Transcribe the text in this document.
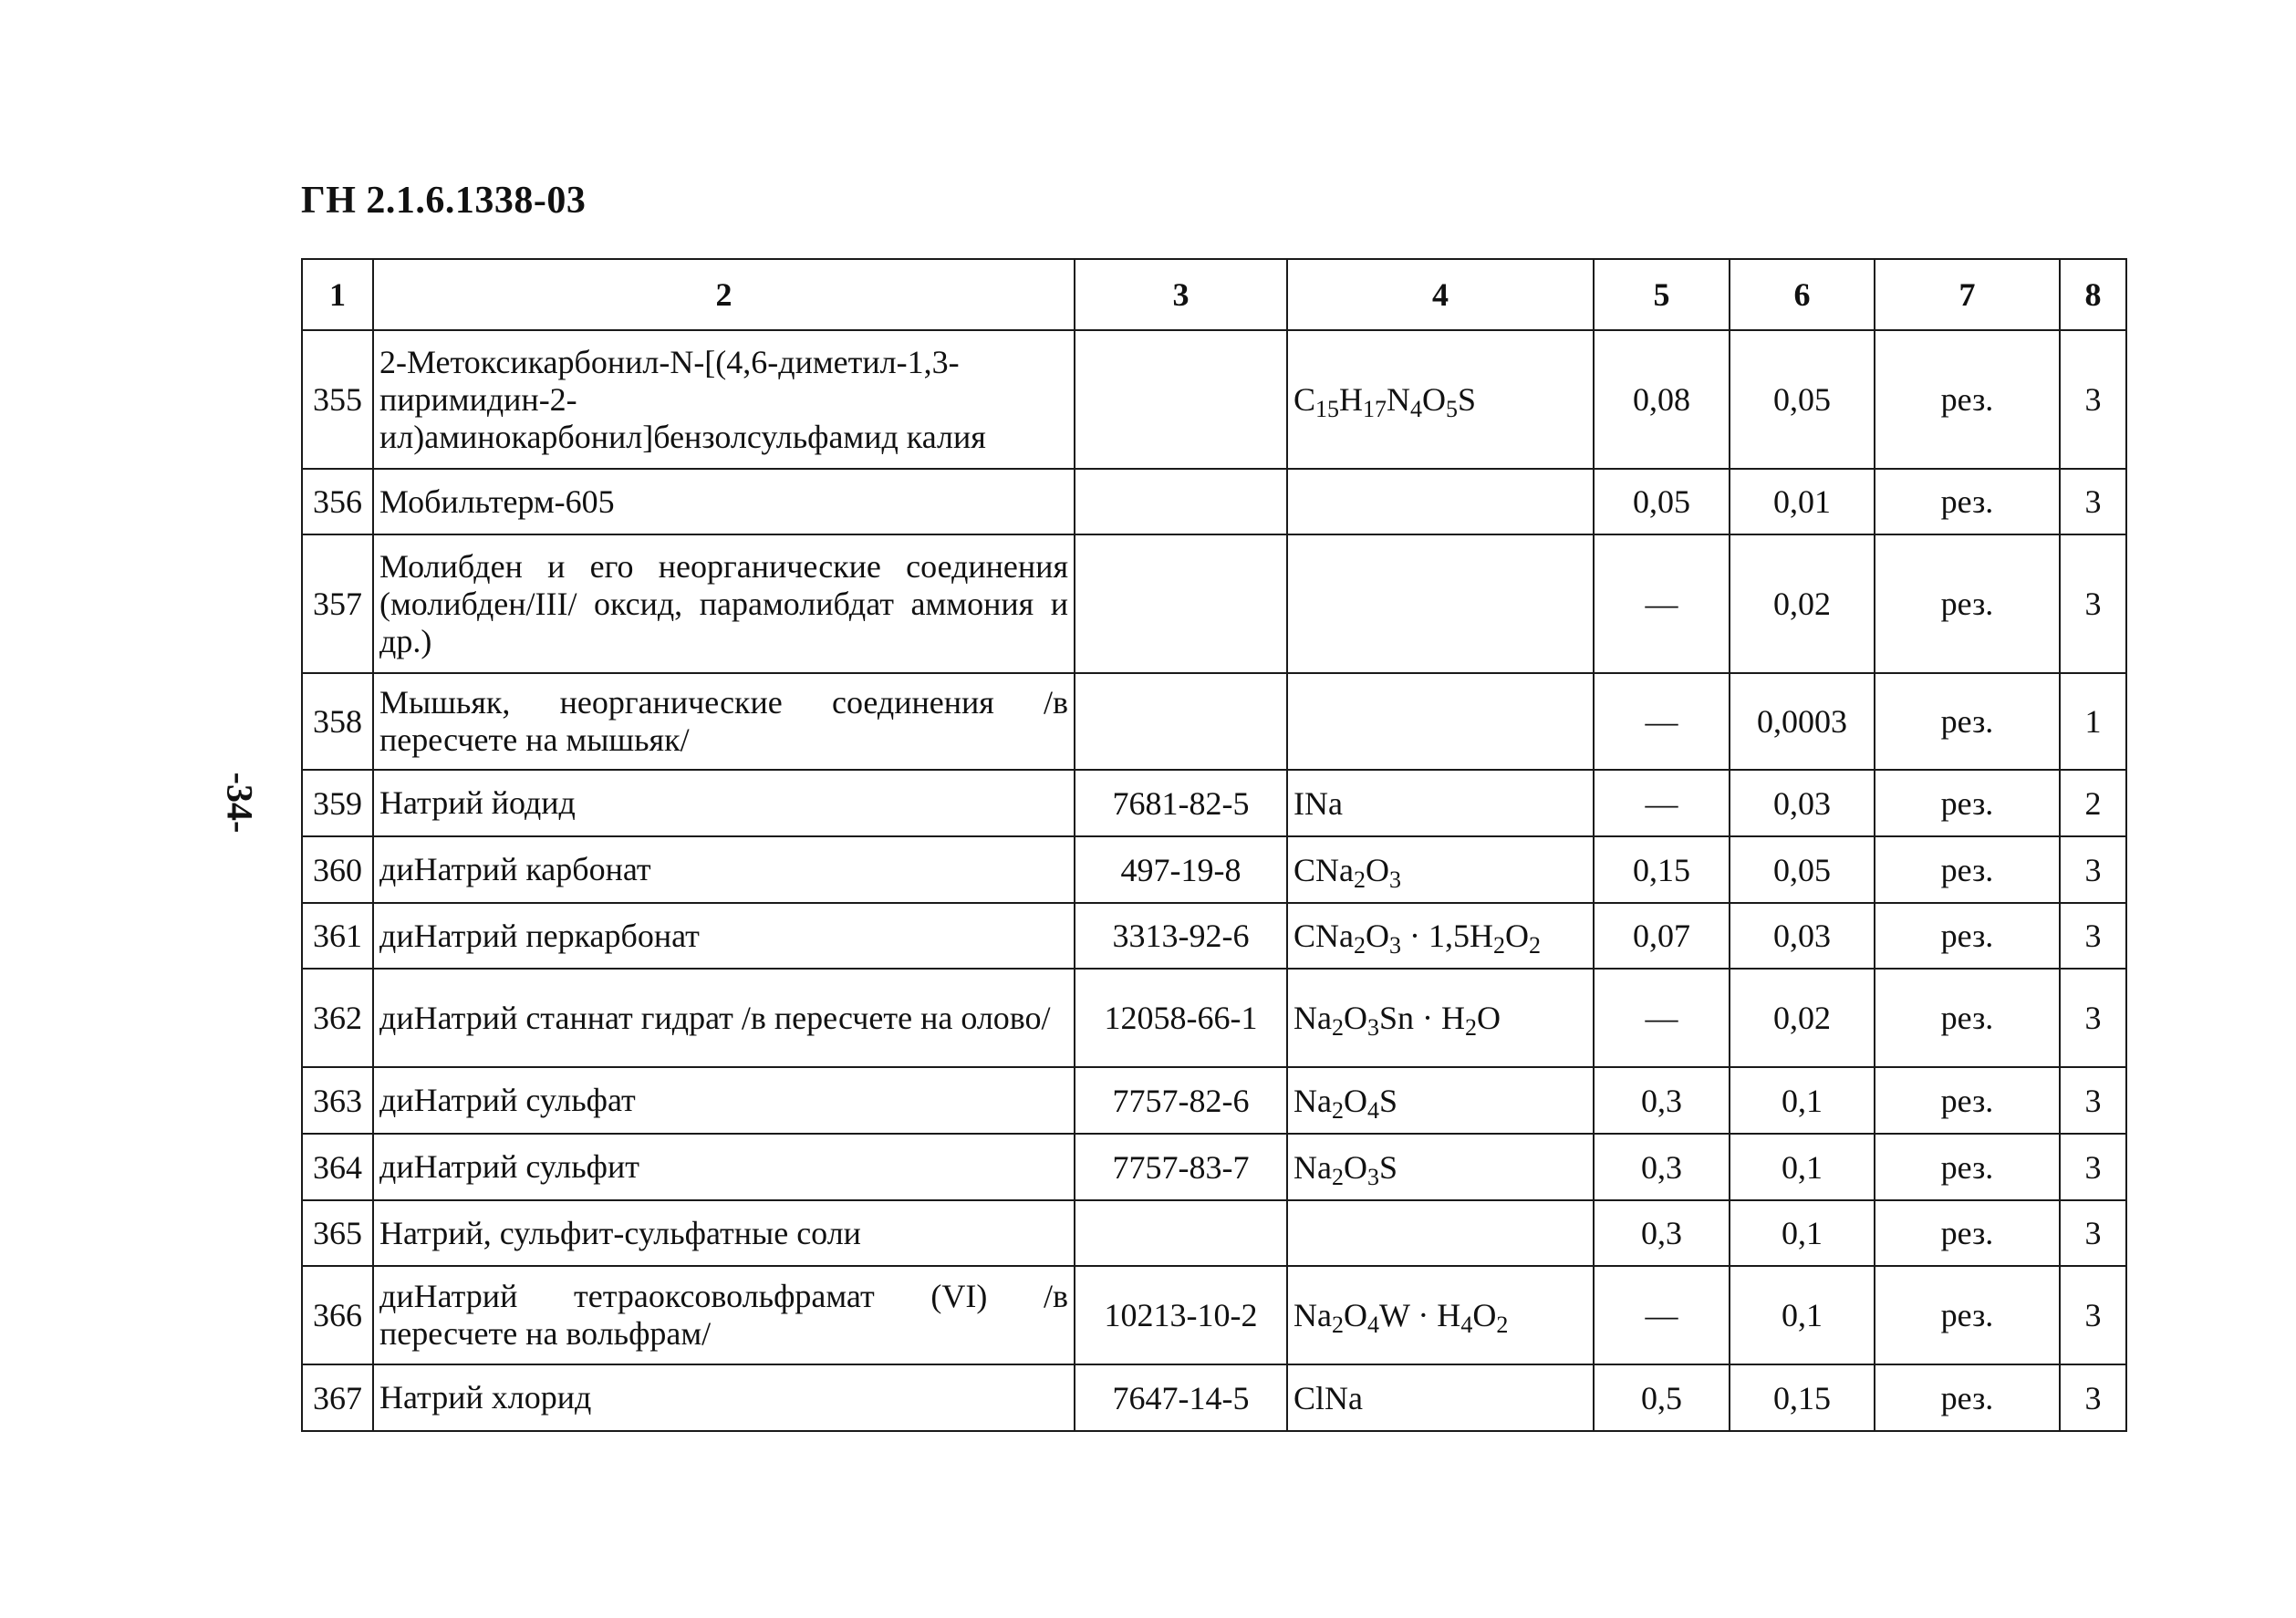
ГН 2.1.6.1338-03
-34-
1	2	3	4	5	6	7	8
355	2-Метоксикарбонил-N-[(4,6-диметил-1,3-пиримидин-2-ил)аминокарбонил]бензолсульфамид калия		$C_{15}H_{17}N_4O_5S$	0,08	0,05	рез.	3
356	Мобильтерм-605			0,05	0,01	рез.	3
357	Молибден и его неорганические соединения (молибден/III/ оксид, парамолибдат аммония и др.)			—	0,02	рез.	3
358	Мышьяк, неорганические соединения /в пересчете на мышьяк/			—	0,0003	рез.	1
359	Натрий йодид	7681-82-5	INa	—	0,03	рез.	2
360	диНатрий карбонат	497-19-8	$CNa_2O_3$	0,15	0,05	рез.	3
361	диНатрий перкарбонат	3313-92-6	$CNa_2O_3 \cdot 1,5H_2O_2$	0,07	0,03	рез.	3
362	диНатрий станнат гидрат /в пересчете на олово/	12058-66-1	$Na_2O_3Sn \cdot H_2O$	—	0,02	рез.	3
363	диНатрий сульфат	7757-82-6	$Na_2O_4S$	0,3	0,1	рез.	3
364	диНатрий сульфит	7757-83-7	$Na_2O_3S$	0,3	0,1	рез.	3
365	Натрий, сульфит-сульфатные соли			0,3	0,1	рез.	3
366	диНатрий тетраоксовольфрамат (VI) /в пересчете на вольфрам/	10213-10-2	$Na_2O_4W \cdot H_4O_2$	—	0,1	рез.	3
367	Натрий хлорид	7647-14-5	ClNa	0,5	0,15	рез.	3
